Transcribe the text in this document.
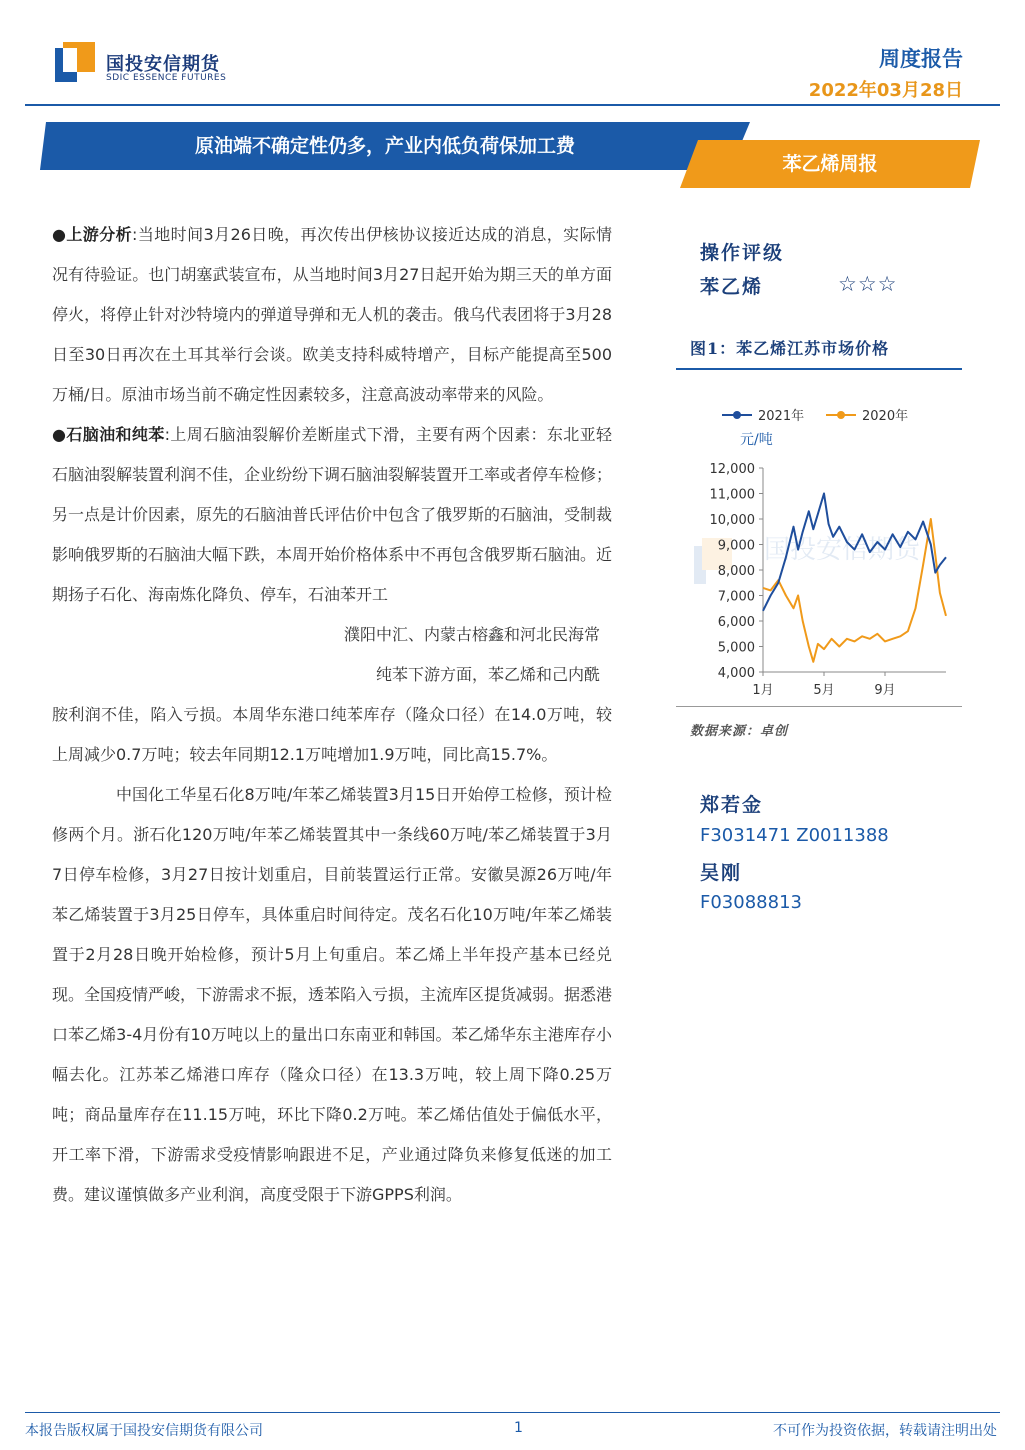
国投安信期货
SDIC ESSENCE FUTURES
周度报告
2022年03月28日
原油端不确定性仍多，产业内低负荷保加工费
苯乙烯周报

●上游分析:当地时间3月26日晚，再次传出伊核协议接近达成的消息，实际情况有待验证。也门胡塞武装宣布，从当地时间3月27日起开始为期三天的单方面停火，将停止针对沙特境内的弹道导弹和无人机的袭击。俄乌代表团将于3月28日至30日再次在土耳其举行会谈。欧美支持科威特增产，目标产能提高至500万桶/日。原油市场当前不确定性因素较多，注意高波动率带来的风险。

●石脑油和纯苯:上周石脑油裂解价差断崖式下滑，主要有两个因素：东北亚轻石脑油裂解装置利润不佳，企业纷纷下调石脑油裂解装置开工率或者停车检修；另一点是计价因素，原先的石脑油普氏评估价中包含了俄罗斯的石脑油，受制裁影响俄罗斯的石脑油大幅下跌，本周开始价格体系中不再包含俄罗斯石脑油。近期扬子石化、海南炼化降负、停车，石油苯开工

濮阳中汇、内蒙古榕鑫和河北民海常

纯苯下游方面，苯乙烯和己内酰

胺利润不佳，陷入亏损。本周华东港口纯苯库存（隆众口径）在14.0万吨，较上周减少0.7万吨；较去年同期12.1万吨增加1.9万吨，同比高15.7%。

中国化工华星石化8万吨/年苯乙烯装置3月15日开始停工检修，预计检修两个月。浙石化120万吨/年苯乙烯装置其中一条线60万吨/苯乙烯装置于3月7日停车检修，3月27日按计划重启，目前装置运行正常。安徽昊源26万吨/年苯乙烯装置于3月25日停车，具体重启时间待定。茂名石化10万吨/年苯乙烯装置于2月28日晚开始检修，预计5月上旬重启。苯乙烯上半年投产基本已经兑现。全国疫情严峻，下游需求不振，透苯陷入亏损，主流库区提货减弱。据悉港口苯乙烯3-4月份有10万吨以上的量出口东南亚和韩国。苯乙烯华东主港库存小幅去化。江苏苯乙烯港口库存（隆众口径）在13.3万吨，较上周下降0.25万吨；商品量库存在11.15万吨，环比下降0.2万吨。苯乙烯估值处于偏低水平，开工率下滑，下游需求受疫情影响跟进不足，产业通过降负来修复低迷的加工费。建议谨慎做多产业利润，高度受限于下游GPPS利润。

操作评级
苯乙烯	☆☆☆
图1：苯乙烯江苏市场价格
国投安信期货
2021年	2020年
元/吨
12,000
11,000
10,000
9,000
8,000
7,000
6,000
5,000
4,000
1月	5月	9月
数据来源：卓创
郑若金
F3031471 Z0011388
吴刚
F03088813
本报告版权属于国投安信期货有限公司	1	不可作为投资依据，转载请注明出处
